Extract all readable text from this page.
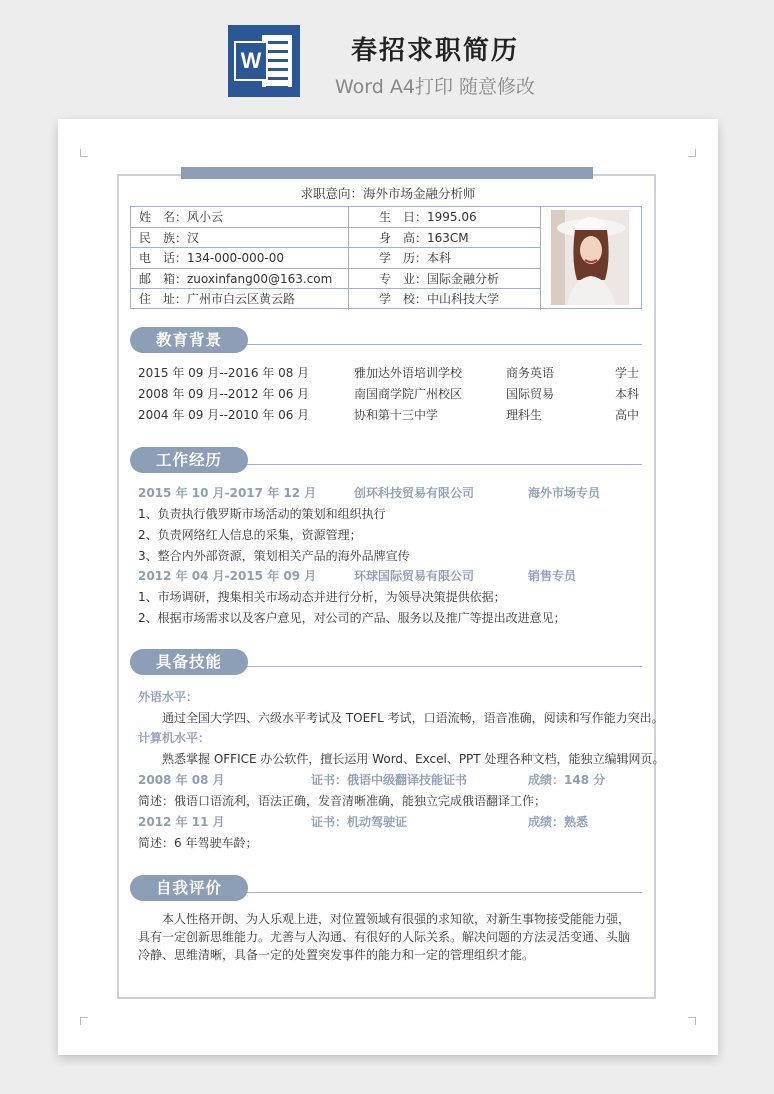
W	春招求职简历
Word A4打印 随意修改
求职意向：海外市场金融分析师
姓　名：风小云	生　日：1995.06
民　族：汉	身　高：163CM
电　话：134-000-000-00	学　历：本科
邮　箱：zuoxinfang00@163.com	专　业：国际金融分析
住　址：广州市白云区黄云路	学　校：中山科技大学
教育背景
2015 年 09 月--2016 年 08 月	雅加达外语培训学校	商务英语	学士
2008 年 09 月--2012 年 06 月	南国商学院广州校区	国际贸易	本科
2004 年 09 月--2010 年 06 月	协和第十三中学	理科生	高中
工作经历
2015 年 10 月-2017 年 12 月	创环科技贸易有限公司	海外市场专员
1、负责执行俄罗斯市场活动的策划和组织执行
2、负责网络红人信息的采集，资源管理；
3、整合内外部资源，策划相关产品的海外品牌宣传
2012 年 04 月-2015 年 09 月	环球国际贸易有限公司	销售专员
1、市场调研，搜集相关市场动态并进行分析，为领导决策提供依据；
2、根据市场需求以及客户意见，对公司的产品、服务以及推广等提出改进意见；
具备技能
外语水平：
通过全国大学四、六级水平考试及 TOEFL 考试，口语流畅，语音准确，阅读和写作能力突出。
计算机水平：
熟悉掌握 OFFICE 办公软件，擅长运用 Word、Excel、PPT 处理各种文档，能独立编辑网页。
2008 年 08 月	证书：俄语中级翻译技能证书	成绩：148 分
简述：俄语口语流利，语法正确，发音清晰准确，能独立完成俄语翻译工作；
2012 年 11 月	证书：机动驾驶证	成绩：熟悉
简述：6 年驾驶车龄；
自我评价
本人性格开朗、为人乐观上进，对位置领域有很强的求知欲，对新生事物接受能能力强，具有一定创新思维能力。尤善与人沟通、有很好的人际关系。解决问题的方法灵活变通、头脑冷静、思维清晰，具备一定的处置突发事件的能力和一定的管理组织才能。
